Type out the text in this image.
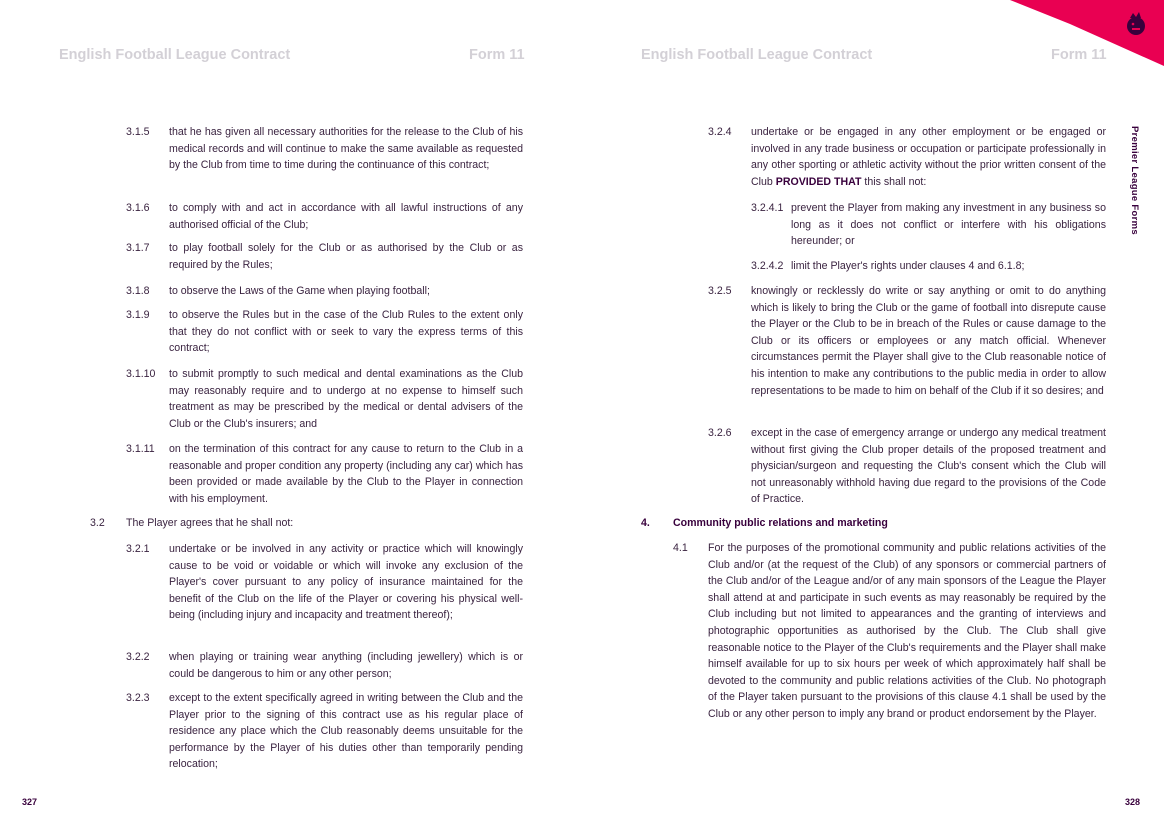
English Football League Contract	Form 11	English Football League Contract	Form 11
Premier League Forms
3.1.5 that he has given all necessary authorities for the release to the Club of his medical records and will continue to make the same available as requested by the Club from time to time during the continuance of this contract;
3.1.6 to comply with and act in accordance with all lawful instructions of any authorised official of the Club;
3.1.7 to play football solely for the Club or as authorised by the Club or as required by the Rules;
3.1.8 to observe the Laws of the Game when playing football;
3.1.9 to observe the Rules but in the case of the Club Rules to the extent only that they do not conflict with or seek to vary the express terms of this contract;
3.1.10 to submit promptly to such medical and dental examinations as the Club may reasonably require and to undergo at no expense to himself such treatment as may be prescribed by the medical or dental advisers of the Club or the Club's insurers; and
3.1.11 on the termination of this contract for any cause to return to the Club in a reasonable and proper condition any property (including any car) which has been provided or made available by the Club to the Player in connection with his employment.
3.2 The Player agrees that he shall not:
3.2.1 undertake or be involved in any activity or practice which will knowingly cause to be void or voidable or which will invoke any exclusion of the Player's cover pursuant to any policy of insurance maintained for the benefit of the Club on the life of the Player or covering his physical well-being (including injury and incapacity and treatment thereof);
3.2.2 when playing or training wear anything (including jewellery) which is or could be dangerous to him or any other person;
3.2.3 except to the extent specifically agreed in writing between the Club and the Player prior to the signing of this contract use as his regular place of residence any place which the Club reasonably deems unsuitable for the performance by the Player of his duties other than temporarily pending relocation;
3.2.4 undertake or be engaged in any other employment or be engaged or involved in any trade business or occupation or participate professionally in any other sporting or athletic activity without the prior written consent of the Club PROVIDED THAT this shall not:
3.2.4.1 prevent the Player from making any investment in any business so long as it does not conflict or interfere with his obligations hereunder; or
3.2.4.2 limit the Player's rights under clauses 4 and 6.1.8;
3.2.5 knowingly or recklessly do write or say anything or omit to do anything which is likely to bring the Club or the game of football into disrepute cause the Player or the Club to be in breach of the Rules or cause damage to the Club or its officers or employees or any match official. Whenever circumstances permit the Player shall give to the Club reasonable notice of his intention to make any contributions to the public media in order to allow representations to be made to him on behalf of the Club if it so desires; and
3.2.6 except in the case of emergency arrange or undergo any medical treatment without first giving the Club proper details of the proposed treatment and physician/surgeon and requesting the Club's consent which the Club will not unreasonably withhold having due regard to the provisions of the Code of Practice.
4. Community public relations and marketing
4.1 For the purposes of the promotional community and public relations activities of the Club and/or (at the request of the Club) of any sponsors or commercial partners of the Club and/or of the League and/or of any main sponsors of the League the Player shall attend at and participate in such events as may reasonably be required by the Club including but not limited to appearances and the granting of interviews and photographic opportunities as authorised by the Club. The Club shall give reasonable notice to the Player of the Club's requirements and the Player shall make himself available for up to six hours per week of which approximately half shall be devoted to the community and public relations activities of the Club. No photograph of the Player taken pursuant to the provisions of this clause 4.1 shall be used by the Club or any other person to imply any brand or product endorsement by the Player.
327	328
